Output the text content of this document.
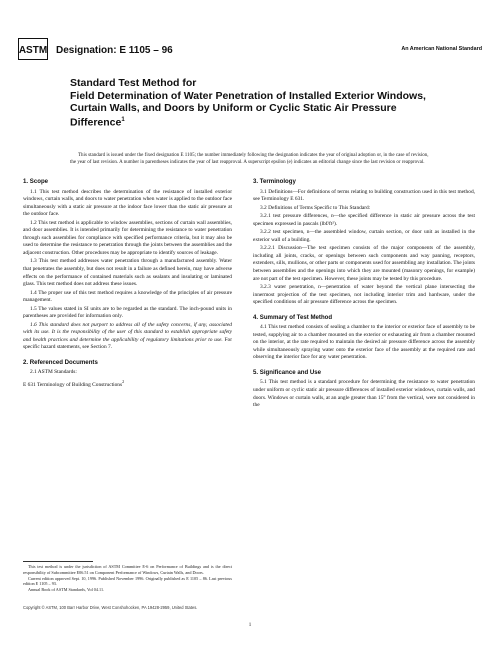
ASTM Designation: E 1105 – 96	An American National Standard
Standard Test Method for
Field Determination of Water Penetration of Installed Exterior Windows, Curtain Walls, and Doors by Uniform or Cyclic Static Air Pressure Difference$^1$

This standard is issued under the fixed designation E 1105; the number immediately following the designation indicates the year of original adoption or, in the case of revision, the year of last revision. A number in parentheses indicates the year of last reapproval. A superscript epsilon (e) indicates an editorial change since the last revision or reapproval.

1. Scope

1.1 This test method describes the determination of the resistance of installed exterior windows, curtain walls, and doors to water penetration when water is applied to the outdoor face simultaneously with a static air pressure at the indoor face lower than the static air pressure at the outdoor face.

1.2 This test method is applicable to window assemblies, sections of curtain wall assemblies, and door assemblies. It is intended primarily for determining the resistance to water penetration through such assemblies for compliance with specified performance criteria, but it may also be used to determine the resistance to penetration through the joints between the assemblies and the adjacent construction. Other procedures may be appropriate to identify sources of leakage.

1.3 This test method addresses water penetration through a manufactured assembly. Water that penetrates the assembly, but does not result in a failure as defined herein, may have adverse effects on the performance of contained materials such as sealants and insulating or laminated glass. This test method does not address these issues.

1.4 The proper use of this test method requires a knowledge of the principles of air pressure management.

1.5 The values stated in SI units are to be regarded as the standard. The inch-pound units in parentheses are provided for information only.

1.6 This standard does not purport to address all of the safety concerns, if any, associated with its use. It is the responsibility of the user of this standard to establish appropriate safety and health practices and determine the applicability of regulatory limitations prior to use. For specific hazard statements, see Section 7.

2. Referenced Documents

2.1 ASTM Standards:

E 631 Terminology of Building Constructions$^2$

This test method is under the jurisdiction of ASTM Committee E-6 on Performance of Buildings and is the direct responsibility of Subcommittee E06.51 on Component Performance of Windows, Curtain Walls, and Doors.

Current edition approved Sept. 10, 1996. Published November 1996. Originally published as E 1105 – 86. Last previous edition E 1105 – 93.

Annual Book of ASTM Standards, Vol 04.11.

3. Terminology

3.1 Definitions—For definitions of terms relating to building construction used in this test method, see Terminology E 631.

3.2 Definitions of Terms Specific to This Standard:

3.2.1 test pressure differences, n—the specified difference in static air pressure across the test specimen expressed in pascals (lbf/ft²).

3.2.2 test specimen, n—the assembled window, curtain section, or door unit as installed in the exterior wall of a building.

3.2.2.1 Discussion—The test specimen consists of the major components of the assembly, including all joints, cracks, or openings between such components and way panning, receptors, extenders, sills, mullions, or other parts or components used for assembling any installation. The joints between assemblies and the openings into which they are mounted (masonry openings, for example) are not part of the test specimen. However, these joints may be tested by this procedure.

3.2.3 water penetration, n—penetration of water beyond the vertical plane intersecting the innermost projection of the test specimen, not including interior trim and hardware, under the specified conditions of air pressure difference across the specimen.

4. Summary of Test Method

4.1 This test method consists of sealing a chamber to the interior or exterior face of assembly to be tested, supplying air to a chamber mounted on the exterior or exhausting air from a chamber mounted on the interior, at the rate required to maintain the desired air pressure difference across the assembly while simultaneously spraying water onto the exterior face of the assembly at the required rate and observing the interior face for any water penetration.

5. Significance and Use

5.1 This test method is a standard procedure for determining the resistance to water penetration under uniform or cyclic static air pressure differences of installed exterior windows, curtain walls, and doors. Windows or curtain walls, at an angle greater than 15° from the vertical, were not considered in the

Copyright © ASTM, 100 Barr Harbor Drive, West Conshohocken, PA 19428-2959, United States.
1
